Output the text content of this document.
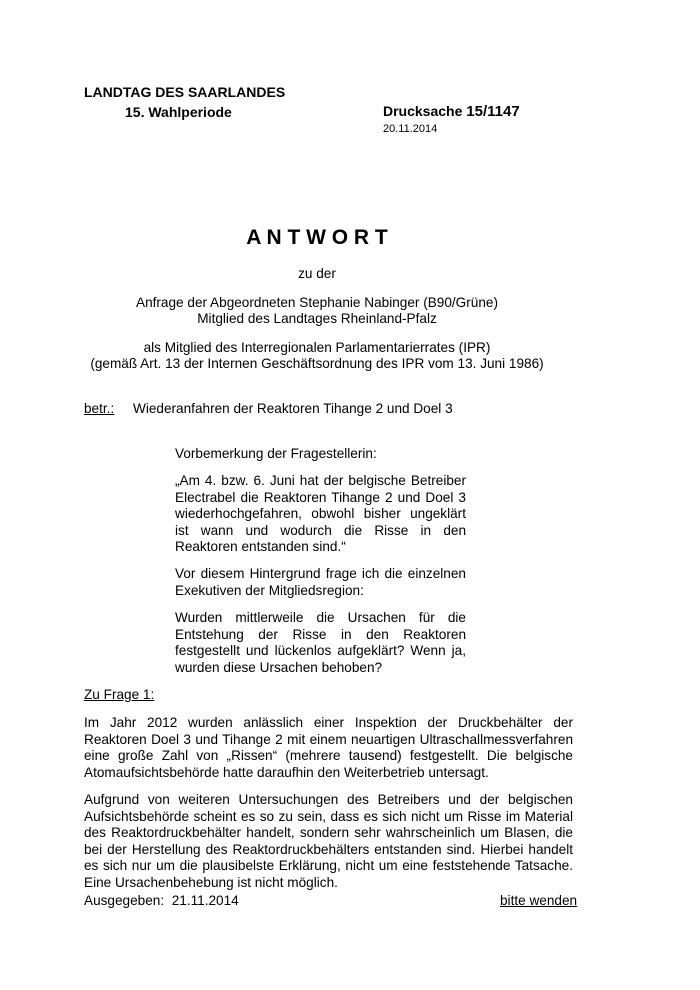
LANDTAG DES SAARLANDES
15. Wahlperiode	Drucksache 15/1147
20.11.2014
A N T W O R T
zu der
Anfrage der Abgeordneten Stephanie Nabinger (B90/Grüne)
Mitglied des Landtages Rheinland-Pfalz
als Mitglied des Interregionalen Parlamentarierrates (IPR)
(gemäß Art. 13 der Internen Geschäftsordnung des IPR vom 13. Juni 1986)
betr.: Wiederanfahren der Reaktoren Tihange 2 und Doel 3
Vorbemerkung der Fragestellerin:

„Am 4. bzw. 6. Juni hat der belgische Betreiber Electrabel die Reaktoren Tihange 2 und Doel 3 wiederhochgefahren, obwohl bisher ungeklärt ist wann und wodurch die Risse in den Reaktoren entstanden sind.“

Vor diesem Hintergrund frage ich die einzelnen Exekutiven der Mitgliedsregion:

Wurden mittlerweile die Ursachen für die Entstehung der Risse in den Reaktoren festgestellt und lückenlos aufgeklärt? Wenn ja, wurden diese Ursachen behoben?

Zu Frage 1:

Im Jahr 2012 wurden anlässlich einer Inspektion der Druckbehälter der Reaktoren Doel 3 und Tihange 2 mit einem neuartigen Ultraschallmessverfahren eine große Zahl von „Rissen“ (mehrere tausend) festgestellt. Die belgische Atomaufsichtsbehörde hatte daraufhin den Weiterbetrieb untersagt.

Aufgrund von weiteren Untersuchungen des Betreibers und der belgischen Aufsichtsbehörde scheint es so zu sein, dass es sich nicht um Risse im Material des Reaktordruckbehälter handelt, sondern sehr wahrscheinlich um Blasen, die bei der Herstellung des Reaktordruckbehälters entstanden sind. Hierbei handelt es sich nur um die plausibelste Erklärung, nicht um eine feststehende Tatsache. Eine Ursachenbehebung ist nicht möglich.

Ausgegeben: 21.11.2014	bitte wenden
